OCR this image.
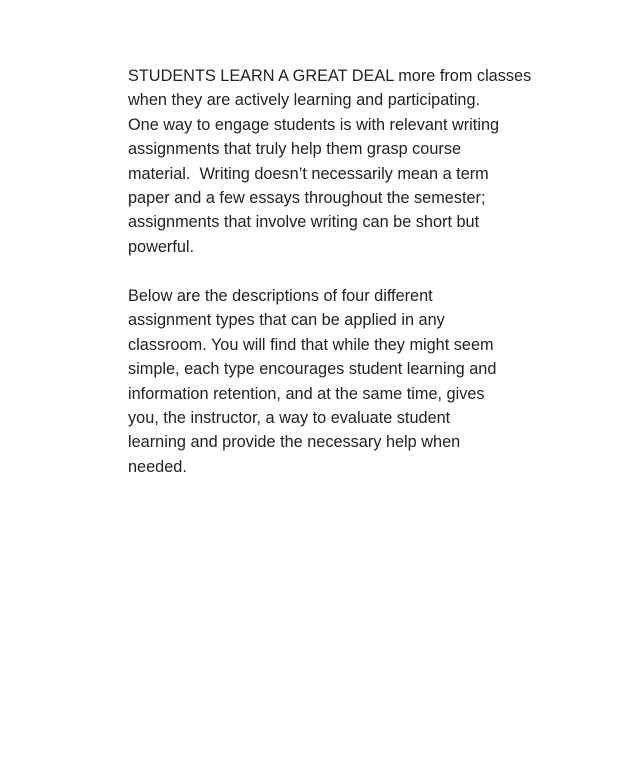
STUDENTS LEARN A GREAT DEAL more from classes
when they are actively learning and participating.
One way to engage students is with relevant writing
assignments that truly help them grasp course
material.  Writing doesn’t necessarily mean a term
paper and a few essays throughout the semester;
assignments that involve writing can be short but
powerful.

Below are the descriptions of four different
assignment types that can be applied in any
classroom. You will find that while they might seem
simple, each type encourages student learning and
information retention, and at the same time, gives
you, the instructor, a way to evaluate student
learning and provide the necessary help when
needed.
